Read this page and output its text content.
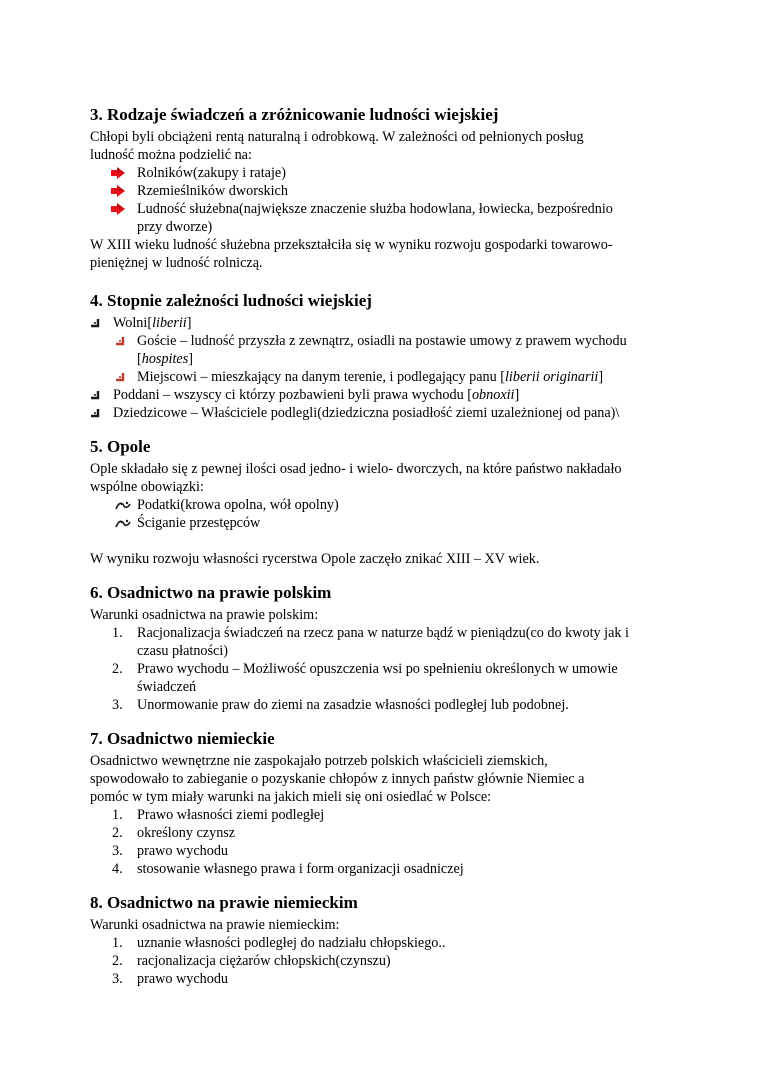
3. Rodzaje świadczeń a zróżnicowanie ludności wiejskiej

Chłopi byli obciążeni rentą naturalną i odrobkową. W zależności od pełnionych posług

ludność można podzielić na:

Rolników(zakupy i rataje)
Rzemieślników dworskich
Ludność służebna(największe znaczenie służba hodowlana, łowiecka, bezpośrednio
przy dworze)

W XIII wieku ludność służebna przekształciła się w wyniku rozwoju gospodarki towarowo-

pieniężnej w ludność rolniczą.

4. Stopnie zależności ludności wiejskiej
Wolni[liberii]
Goście – ludność przyszła z zewnątrz, osiadli na postawie umowy z prawem wychodu
[hospites]
Miejscowi – mieszkający na danym terenie, i podlegający panu [liberii originarii]
Poddani – wszyscy ci którzy pozbawieni byli prawa wychodu [obnoxii]
Dziedzicowe – Właściciele podlegli(dziedziczna posiadłość ziemi uzależnionej od pana)\
5. Opole

Ople składało się z pewnej ilości osad jedno- i wielo- dworczych, na które państwo nakładało

wspólne obowiązki:

Podatki(krowa opolna, wół opolny)
Ściganie przestępców

W wyniku rozwoju własności rycerstwa Opole zaczęło znikać XIII – XV wiek.

6. Osadnictwo na prawie polskim

Warunki osadnictwa na prawie polskim:

1. Racjonalizacja świadczeń na rzecz pana w naturze bądź w pieniądzu(co do kwoty jak i
czasu płatności)
2. Prawo wychodu – Możliwość opuszczenia wsi po spełnieniu określonych w umowie
świadczeń
3. Unormowanie praw do ziemi na zasadzie własności podległej lub podobnej.
7. Osadnictwo niemieckie

Osadnictwo wewnętrzne nie zaspokajało potrzeb polskich właścicieli ziemskich,

spowodowało to zabieganie o pozyskanie chłopów z innych państw głównie Niemiec a

pomóc w tym miały warunki na jakich mieli się oni osiedlać w Polsce:

1. Prawo własności ziemi podległej
2. określony czynsz
3. prawo wychodu
4. stosowanie własnego prawa i form organizacji osadniczej
8. Osadnictwo na prawie niemieckim

Warunki osadnictwa na prawie niemieckim:

1. uznanie własności podległej do nadziału chłopskiego..
2. racjonalizacja ciężarów chłopskich(czynszu)
3. prawo wychodu
